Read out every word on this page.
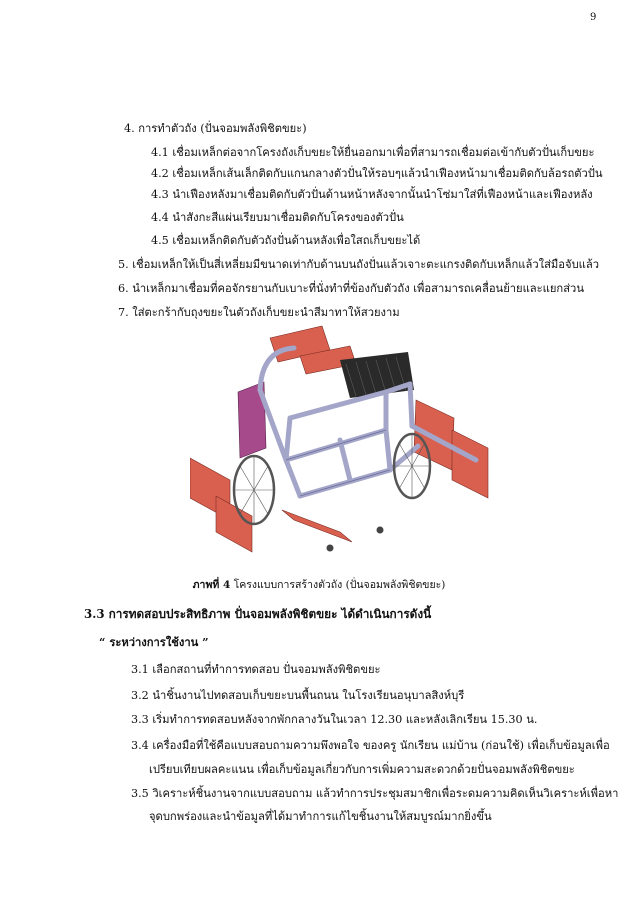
9
4. การทำตัวถัง (ปั่นจอมพลังพิชิตขยะ)
4.1 เชื่อมเหล็กต่อจากโครงถังเก็บขยะให้ยื่นออกมาเพื่อที่สามารถเชื่อมต่อเข้ากับตัวปั่นเก็บขยะ
4.2 เชื่อมเหล็กเส้นเล็กติดกับแกนกลางตัวปั่นให้รอบๆแล้วนำเฟืองหน้ามาเชื่อมติดกับล้อรถตัวปั่น
4.3 นำเฟืองหลังมาเชื่อมติดกับตัวปั่นด้านหน้าหลังจากนั้นนำโซ่มาใส่ที่เฟืองหน้าและเฟืองหลัง
4.4 นำสังกะสีแผ่นเรียบมาเชื่อมติดกับโครงของตัวปั่น
4.5 เชื่อมเหล็กติดกับตัวถังปั่นด้านหลังเพื่อใสถเก็บขยะได้
5. เชื่อมเหล็กให้เป็นสี่เหลี่ยมมีขนาดเท่ากับด้านบนถังปั่นแล้วเจาะตะแกรงติดกับเหล็กแล้วใส่มือจับแล้ว
6. นำเหล็กมาเชื่อมที่คอจักรยานกับเบาะที่นั่งทำที่ข้องกับตัวถัง เพื่อสามารถเคลื่อนย้ายและแยกส่วน
7. ใส่ตะกร้ากับถุงขยะในตัวถังเก็บขยะนำสีมาทาให้สวยงาม
ภาพที่ 4 โครงแบบการสร้างตัวถัง (ปั่นจอมพลังพิชิตขยะ)
3.3 การทดสอบประสิทธิภาพ ปั่นจอมพลังพิชิตขยะ ได้ดำเนินการดังนี้
“ ระหว่างการใช้งาน ”
3.1 เลือกสถานที่ทำการทดสอบ ปั่นจอมพลังพิชิตขยะ
3.2 นำชิ้นงานไปทดสอบเก็บขยะบนพื้นถนน ในโรงเรียนอนุบาลสิงห์บุรี
3.3 เริ่มทำการทดสอบหลังจากพักกลางวันในเวลา 12.30 และหลังเลิกเรียน 15.30 น.
3.4 เครื่องมือที่ใช้คือแบบสอบถามความพึงพอใจ ของครู นักเรียน แม่บ้าน (ก่อนใช้) เพื่อเก็บข้อมูลเพื่อ
เปรียบเทียบผลคะแนน เพื่อเก็บข้อมูลเกี่ยวกับการเพิ่มความสะดวกด้วยปั่นจอมพลังพิชิตขยะ
3.5 วิเคราะห์ชิ้นงานจากแบบสอบถาม แล้วทำการประชุมสมาชิกเพื่อระดมความคิดเห็นวิเคราะห์เพื่อหา
จุดบกพร่องและนำข้อมูลที่ได้มาทำการแก้ไขชิ้นงานให้สมบูรณ์มากยิ่งขึ้น
